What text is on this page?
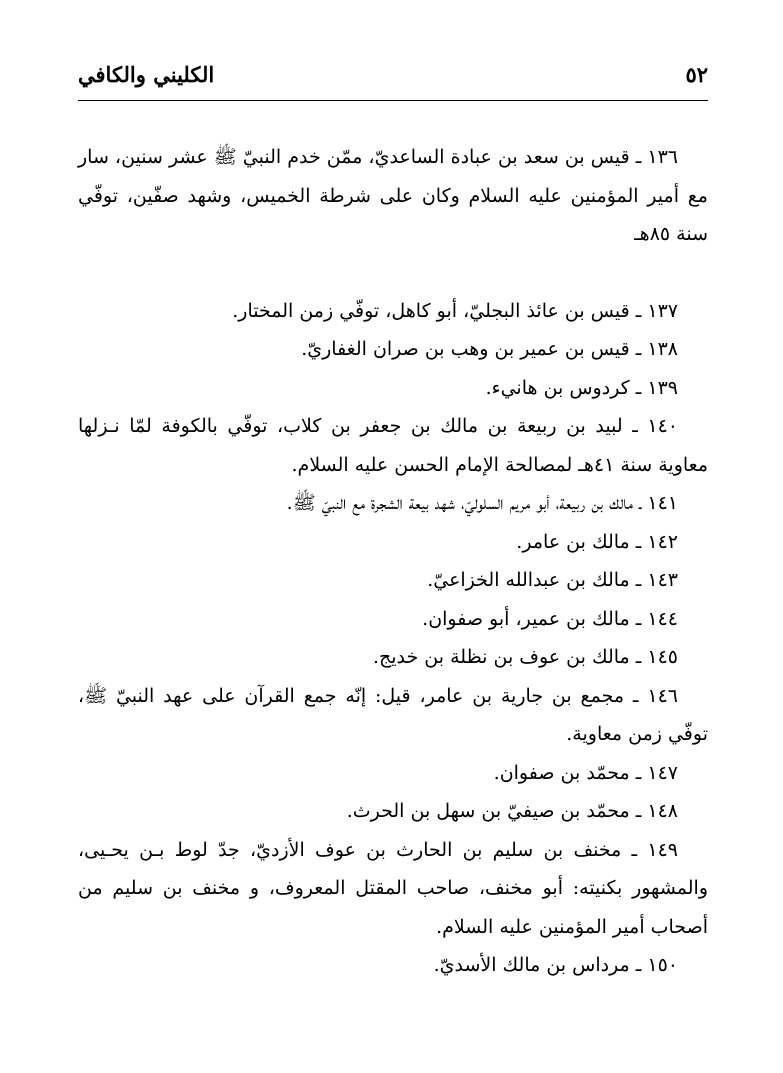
٥٢
الكليني والكافي

١٣٦ ـ قيس بن سعد بن عبادة الساعديّ، ممّن خدم النبيّ ﷺ عشر سنين، سار مع أمير المؤمنين عليه السلام وكان على شرطة الخميس، وشهد صفّين، توفّي سنة ٨٥هـ

١٣٧ ـ قيس بن عائذ البجليّ، أبو كاهل، توفّي زمن المختار.

١٣٨ ـ قيس بن عمير بن وهب بن صران الغفاريّ.

١٣٩ ـ كردوس بن هانيء.

١٤٠ ـ لبيد بن ربيعة بن مالك بن جعفر بن كلاب، توفّي بالكوفة لمّا نـزلها معاوية سنة ٤١هـ لمصالحة الإمام الحسن عليه السلام.

١٤١ ـ مالك بن ربيعة، أبو مريم السلوليّ، شهد بيعة الشجرة مع النبيّ ﷺ.

١٤٢ ـ مالك بن عامر.

١٤٣ ـ مالك بن عبدالله الخزاعيّ.

١٤٤ ـ مالك بن عمير، أبو صفوان.

١٤٥ ـ مالك بن عوف بن نظلة بن خديج.

١٤٦ ـ مجمع بن جارية بن عامر، قيل: إنّه جمع القرآن على عهد النبيّ ﷺ، توفّي زمن معاوية.

١٤٧ ـ محمّد بن صفوان.

١٤٨ ـ محمّد بن صيفيّ بن سهل بن الحرث.

١٤٩ ـ مخنف بن سليم بن الحارث بن عوف الأزديّ، جدّ لوط بـن يحـيى، والمشهور بكنيته: أبو مخنف، صاحب المقتل المعروف، و مخنف بن سليم من أصحاب أمير المؤمنين عليه السلام.

١٥٠ ـ مرداس بن مالك الأسديّ.
